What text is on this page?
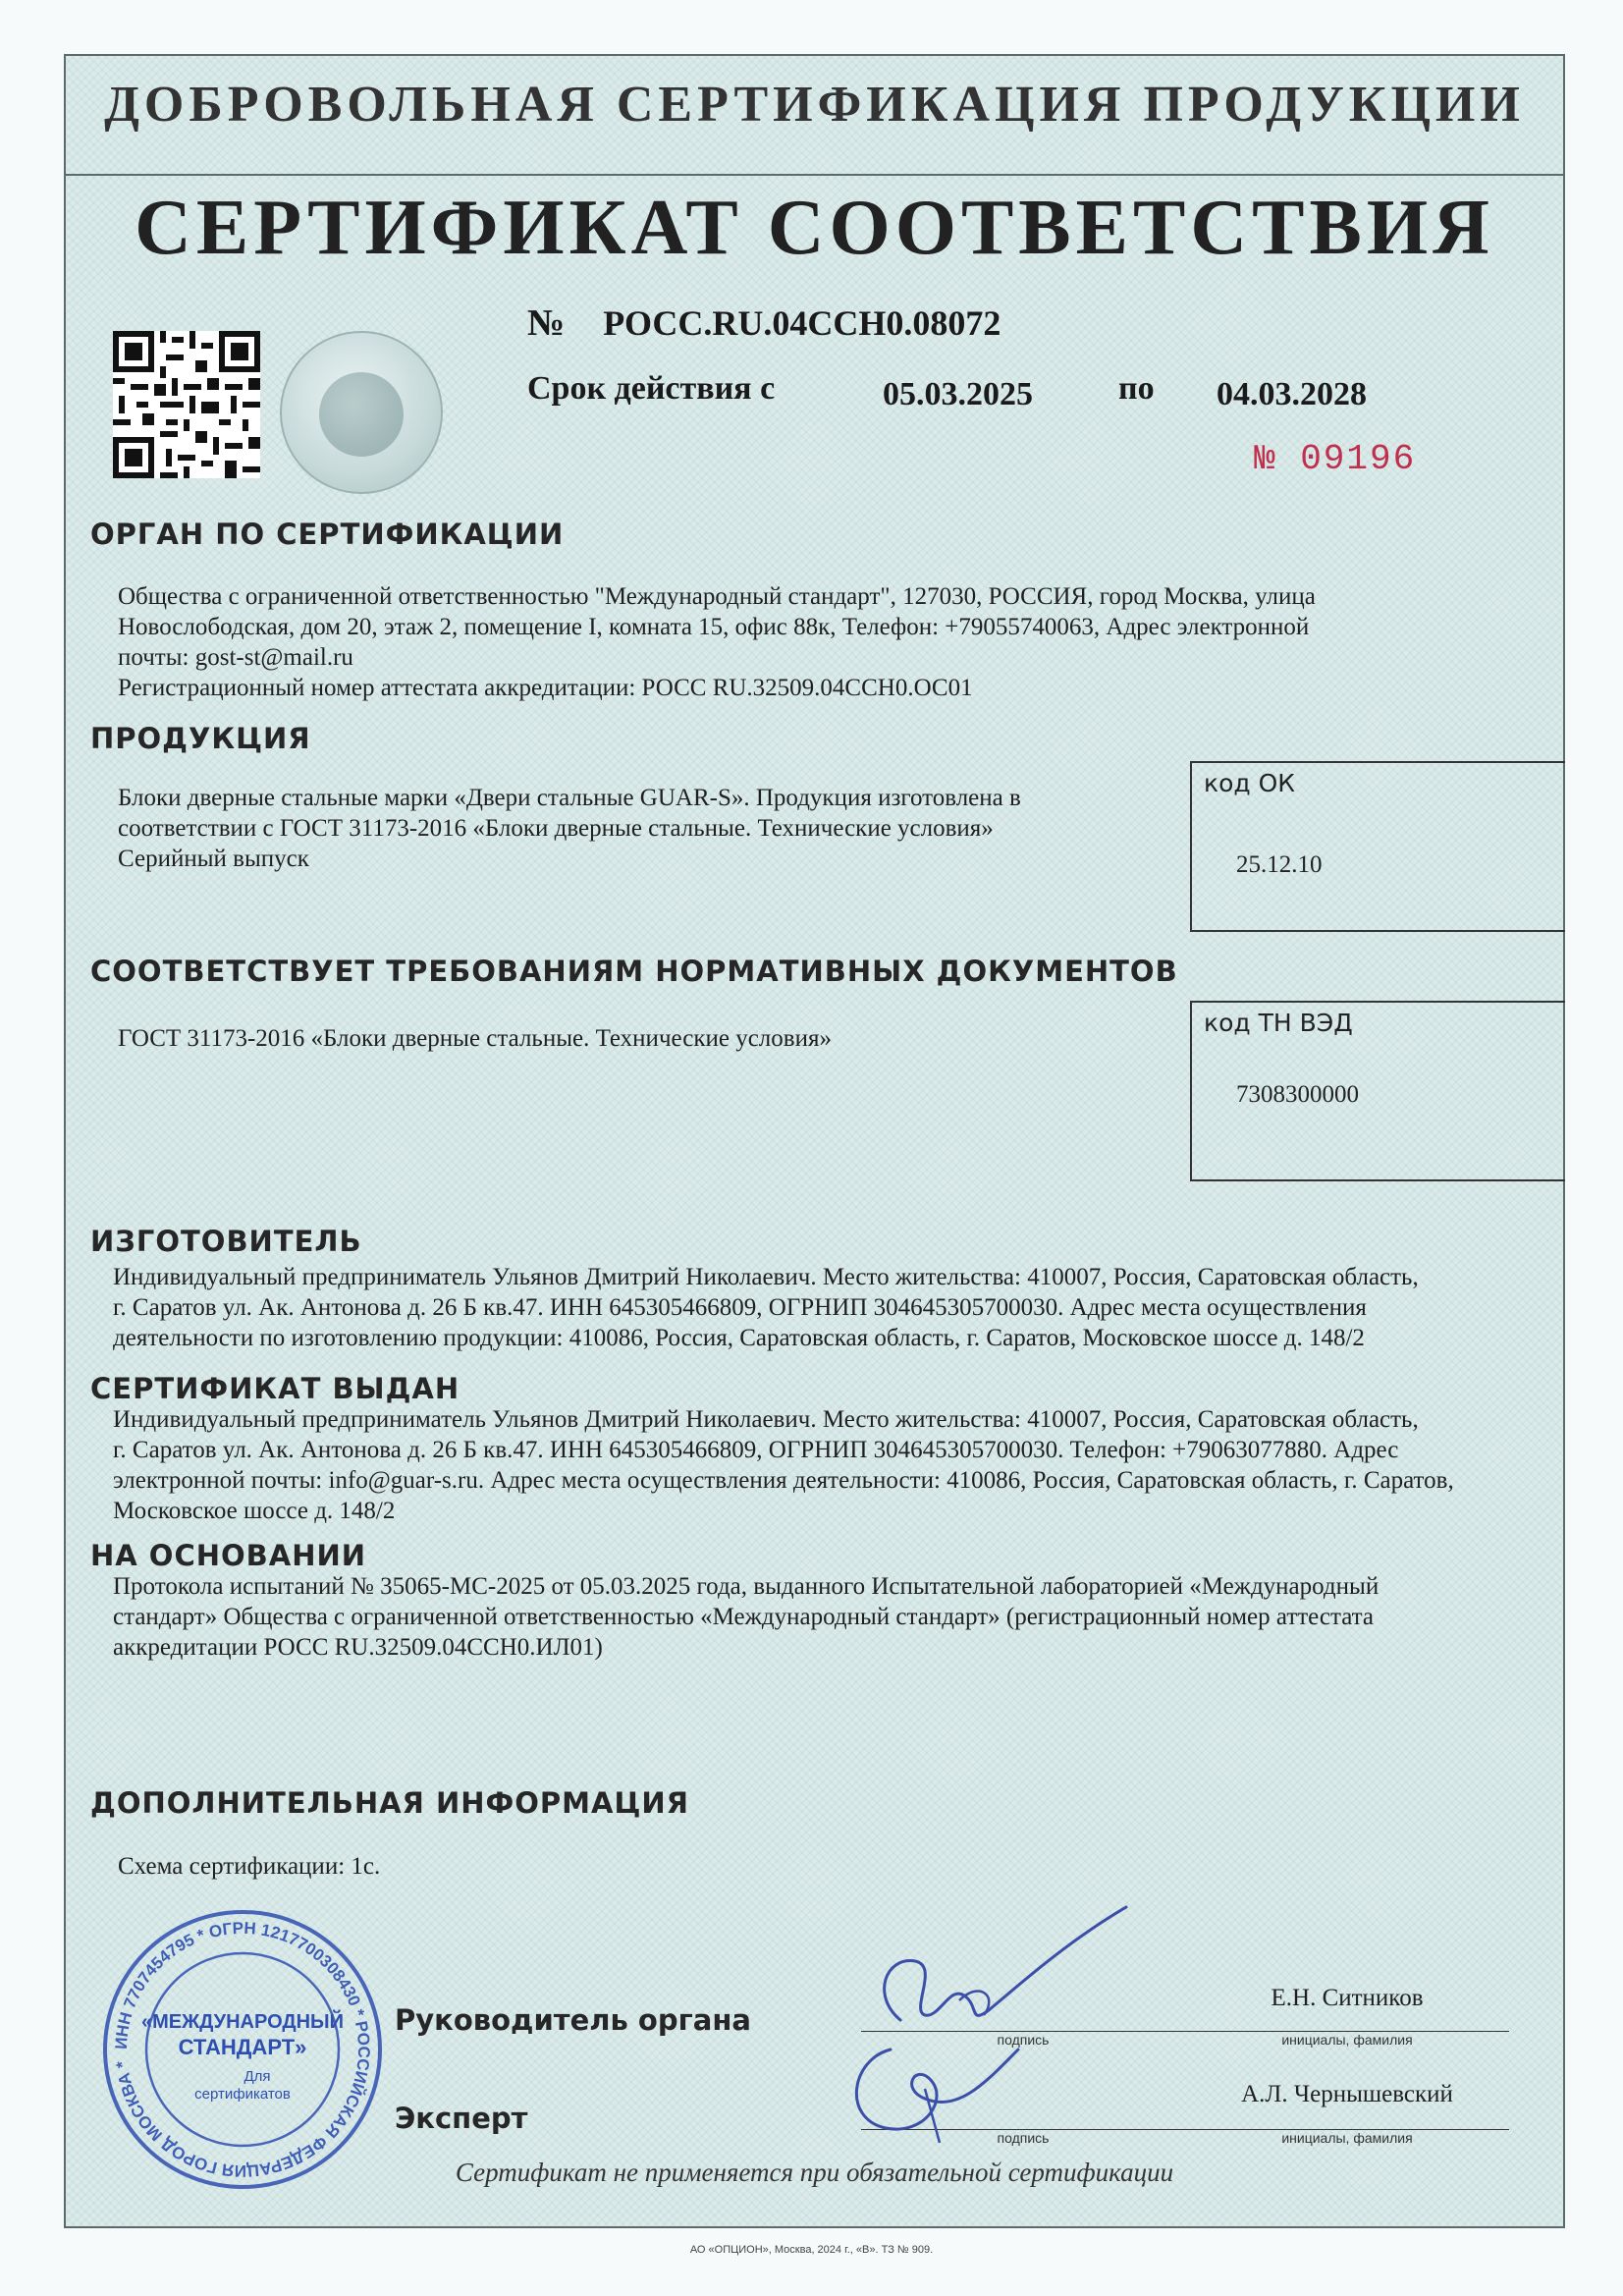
ДОБРОВОЛЬНАЯ СЕРТИФИКАЦИЯ ПРОДУКЦИИ
СЕРТИФИКАТ СООТВЕТСТВИЯ
№ РОСС.RU.04ССН0.08072
Срок действия с	05.03.2025	по 04.03.2028
№ 09196
ОРГАН ПО СЕРТИФИКАЦИИ
Общества с ограниченной ответственностью "Международный стандарт", 127030, РОССИЯ, город Москва, улица
Новослободская, дом 20, этаж 2, помещение I, комната 15, офис 88к, Телефон: +79055740063, Адрес электронной
почты: gost-st@mail.ru
Регистрационный номер аттестата аккредитации: РОСС RU.32509.04ССН0.ОС01
ПРОДУКЦИЯ
Блоки дверные стальные марки «Двери стальные GUAR-S». Продукция изготовлена в
соответствии с ГОСТ 31173-2016 «Блоки дверные стальные. Технические условия»
Серийный выпуск
код ОК
25.12.10
СООТВЕТСТВУЕТ ТРЕБОВАНИЯМ НОРМАТИВНЫХ ДОКУМЕНТОВ
ГОСТ 31173-2016 «Блоки дверные стальные. Технические условия»
код ТН ВЭД
7308300000
ИЗГОТОВИТЕЛЬ
Индивидуальный предприниматель Ульянов Дмитрий Николаевич. Место жительства: 410007, Россия, Саратовская область,
г. Саратов ул. Ак. Антонова д. 26 Б кв.47. ИНН 645305466809, ОГРНИП 304645305700030. Адрес места осуществления
деятельности по изготовлению продукции: 410086, Россия, Саратовская область, г. Саратов, Московское шоссе д. 148/2
СЕРТИФИКАТ ВЫДАН
Индивидуальный предприниматель Ульянов Дмитрий Николаевич. Место жительства: 410007, Россия, Саратовская область,
г. Саратов ул. Ак. Антонова д. 26 Б кв.47. ИНН 645305466809, ОГРНИП 304645305700030. Телефон: +79063077880. Адрес
электронной почты: info@guar-s.ru. Адрес места осуществления деятельности: 410086, Россия, Саратовская область, г. Саратов,
Московское шоссе д. 148/2
НА ОСНОВАНИИ
Протокола испытаний № 35065-МС-2025 от 05.03.2025 года, выданного Испытательной лабораторией «Международный
стандарт» Общества с ограниченной ответственностью «Международный стандарт» (регистрационный номер аттестата
аккредитации РОСС RU.32509.04ССН0.ИЛ01)
ДОПОЛНИТЕЛЬНАЯ ИНФОРМАЦИЯ
Схема сертификации: 1с.
Руководитель органа
Эксперт
подпись
подпись
Е.Н. Ситников
инициалы, фамилия
А.Л. Чернышевский
инициалы, фамилия
ИНН 7707454795 * ОГРН 1217700308430 * РОССИЙСКАЯ ФЕДЕРАЦИЯ ГОРОД МОСКВА *
«МЕЖДУНАРОДНЫЙ
СТАНДАРТ»
Для
сертификатов
Сертификат не применяется при обязательной сертификации
АО «ОПЦИОН», Москва, 2024 г., «В». ТЗ № 909.
